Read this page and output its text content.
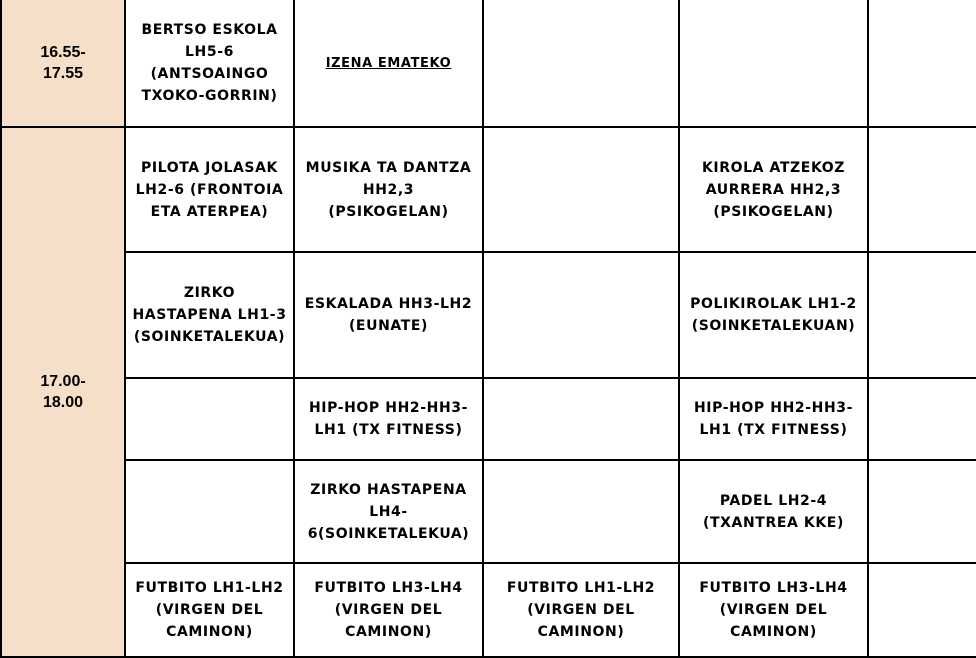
16.55-
17.55	BERTSO ESKOLA LH5-6 (ANTSOAINGO TXOKO-GORRIN)	IZENA EMATEKO			
17.00-
18.00	PILOTA JOLASAK LH2-6 (FRONTOIA ETA ATERPEA)	MUSIKA TA DANTZA HH2,3 (PSIKOGELAN)		KIROLA ATZEKOZ AURRERA HH2,3 (PSIKOGELAN)	
	ZIRKO HASTAPENA LH1-3 (SOINKETALEKUA)	ESKALADA HH3-LH2 (EUNATE)		POLIKIROLAK LH1-2 (SOINKETALEKUAN)	
		HIP-HOP HH2-HH3-LH1 (TX FITNESS)		HIP-HOP HH2-HH3-LH1 (TX FITNESS)	
		ZIRKO HASTAPENA LH4-6(SOINKETALEKUA)		PADEL LH2-4 (TXANTREA KKE)	
	FUTBITO LH1-LH2 (VIRGEN DEL CAMINON)	FUTBITO LH3-LH4 (VIRGEN DEL CAMINON)	FUTBITO LH1-LH2 (VIRGEN DEL CAMINON)	FUTBITO LH3-LH4 (VIRGEN DEL CAMINON)	
